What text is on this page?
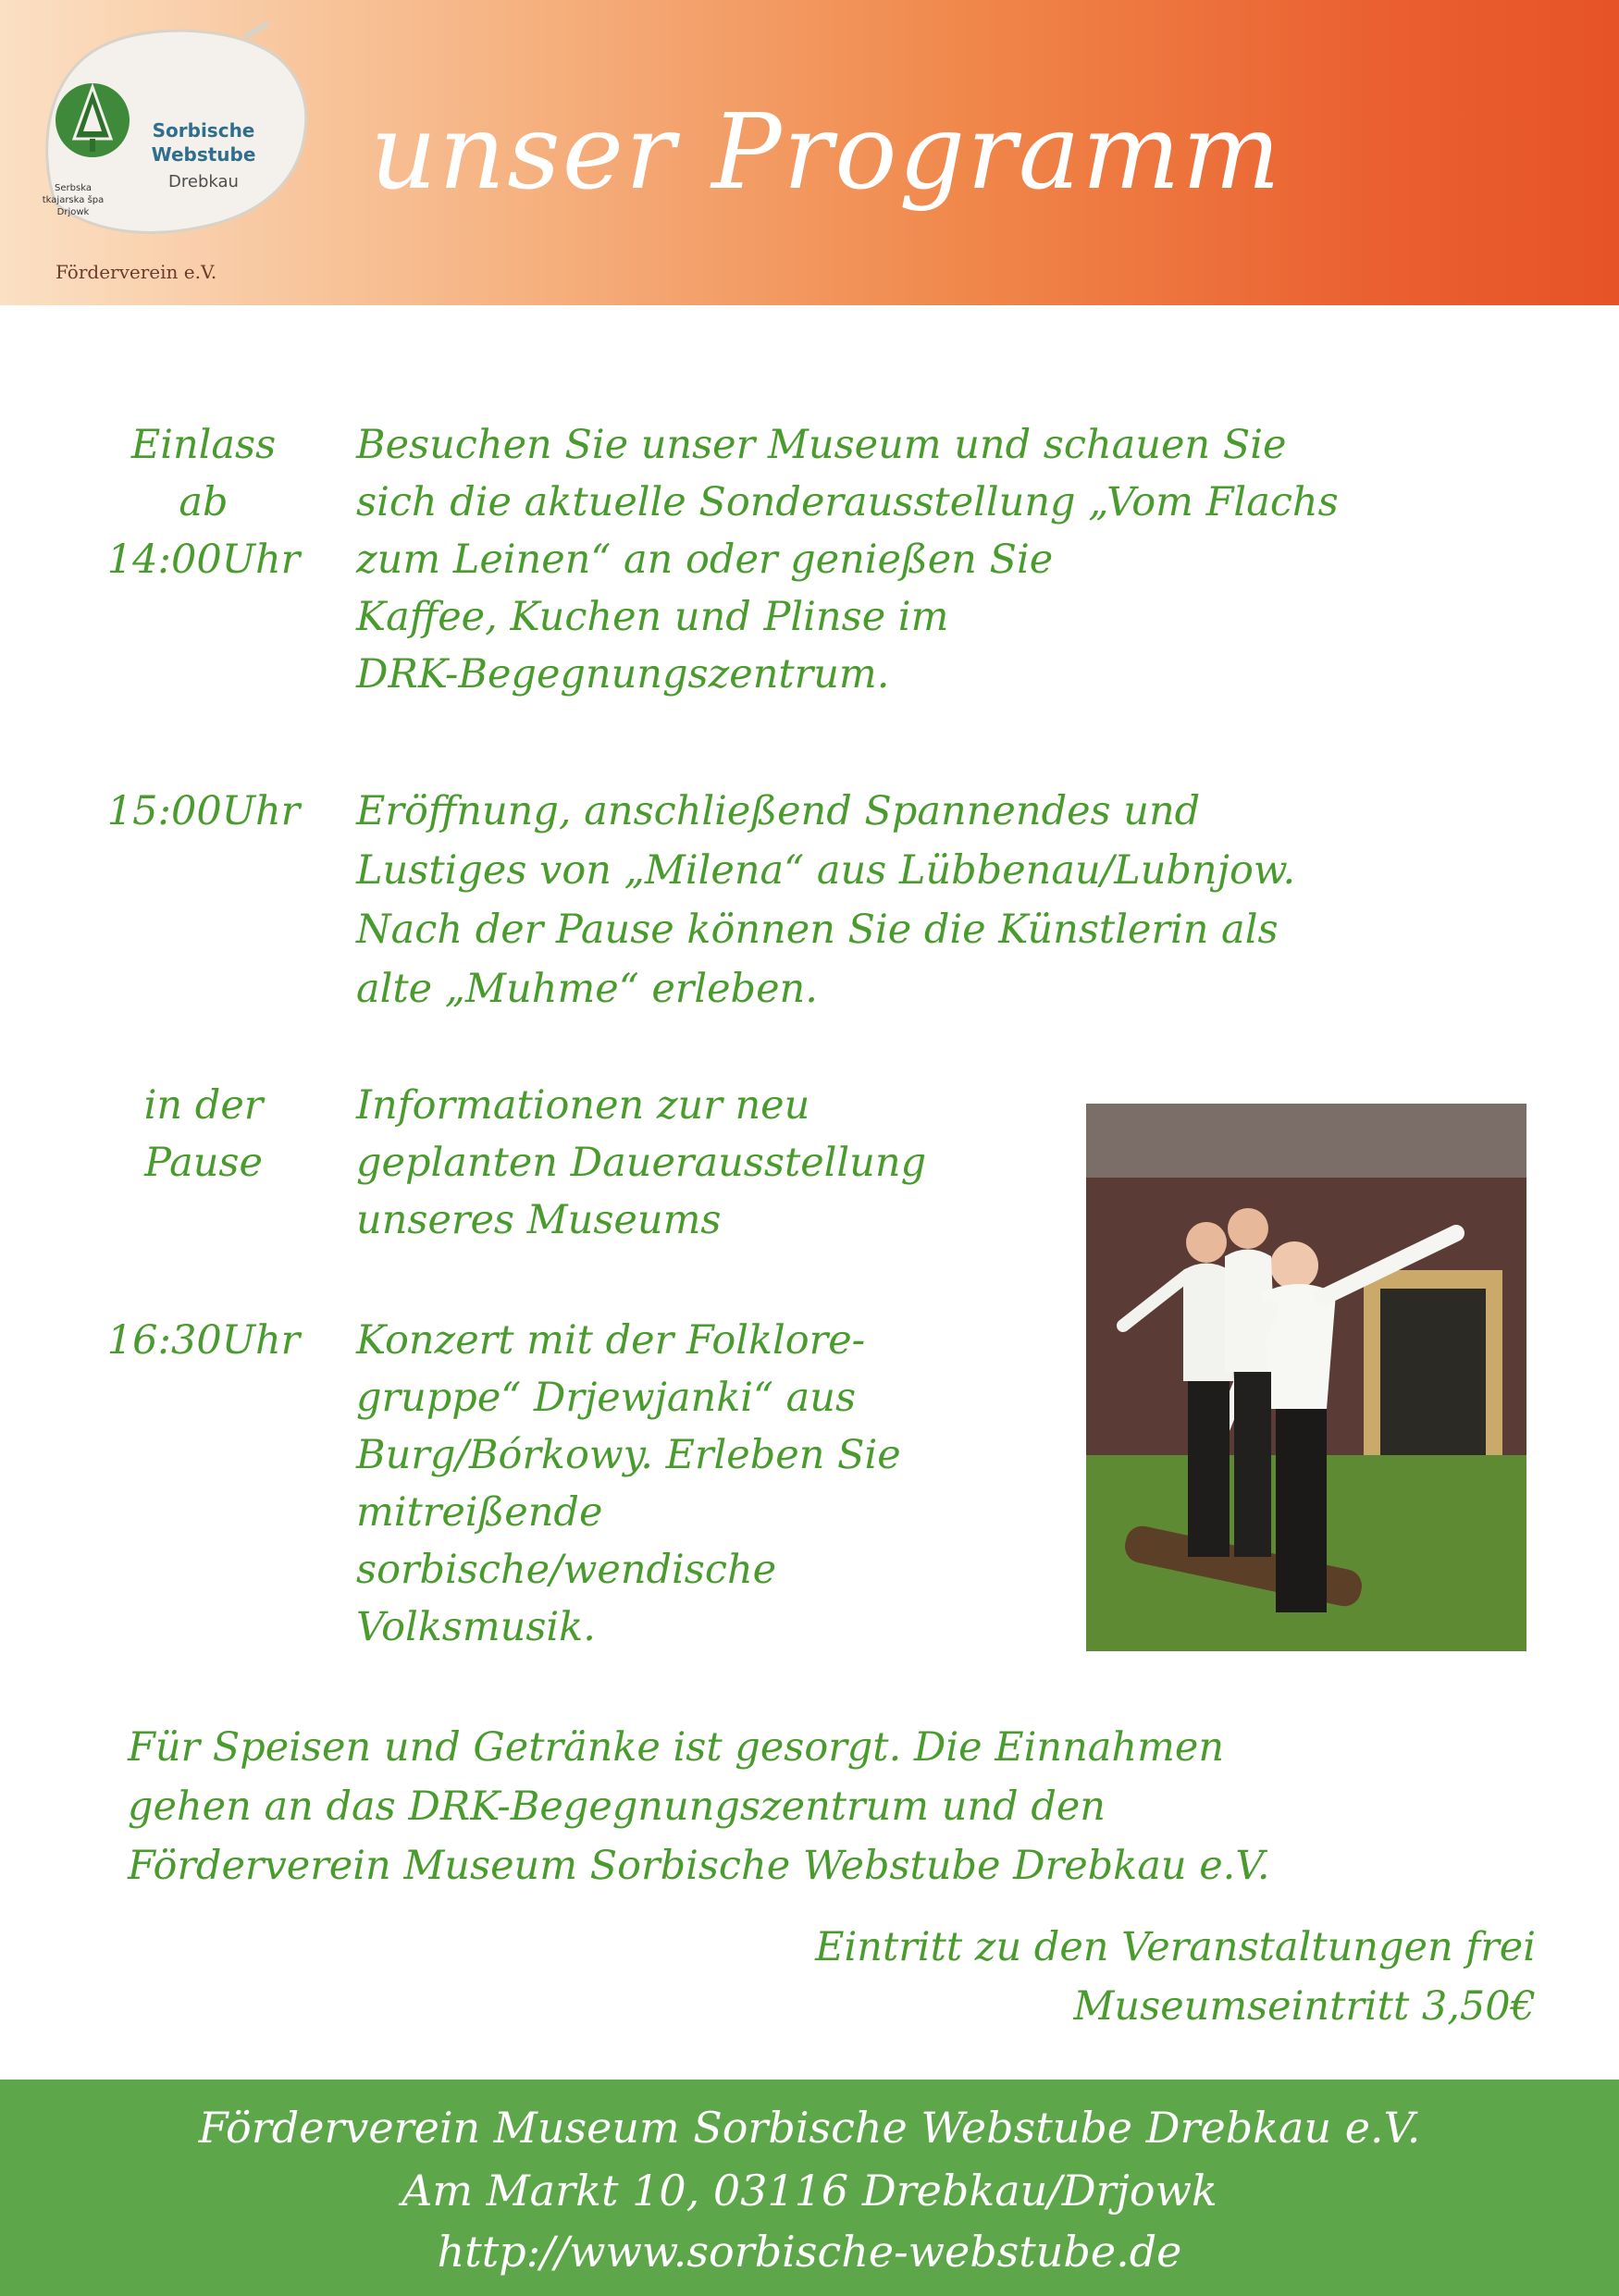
Sorbische
Webstube
Drebkau
Serbska
tkajarska špa
Drjowk
Förderverein e.V.
unser Programm
Einlass
ab
14:00Uhr
Besuchen Sie unser Museum und schauen Sie
sich die aktuelle Sonderausstellung „Vom Flachs
zum Leinen“ an oder genießen Sie
Kaffee, Kuchen und Plinse im
DRK-Begegnungszentrum.
15:00Uhr	Eröffnung, anschließend Spannendes und
Lustiges von „Milena“ aus Lübbenau/Lubnjow.
Nach der Pause können Sie die Künstlerin als
alte „Muhme“ erleben.
in der
Pause
Informationen zur neu
geplanten Dauerausstellung
unseres Museums
16:30Uhr	Konzert mit der Folklore-
gruppe“ Drjewjanki“ aus
Burg/Bórkowy. Erleben Sie
mitreißende
sorbische/wendische
Volksmusik.
Für Speisen und Getränke ist gesorgt. Die Einnahmen
gehen an das DRK-Begegnungszentrum und den
Förderverein Museum Sorbische Webstube Drebkau e.V.
Eintritt zu den Veranstaltungen frei
Museumseintritt 3,50€
Förderverein Museum Sorbische Webstube Drebkau e.V.
Am Markt 10, 03116 Drebkau/Drjowk
http://www.sorbische-webstube.de
